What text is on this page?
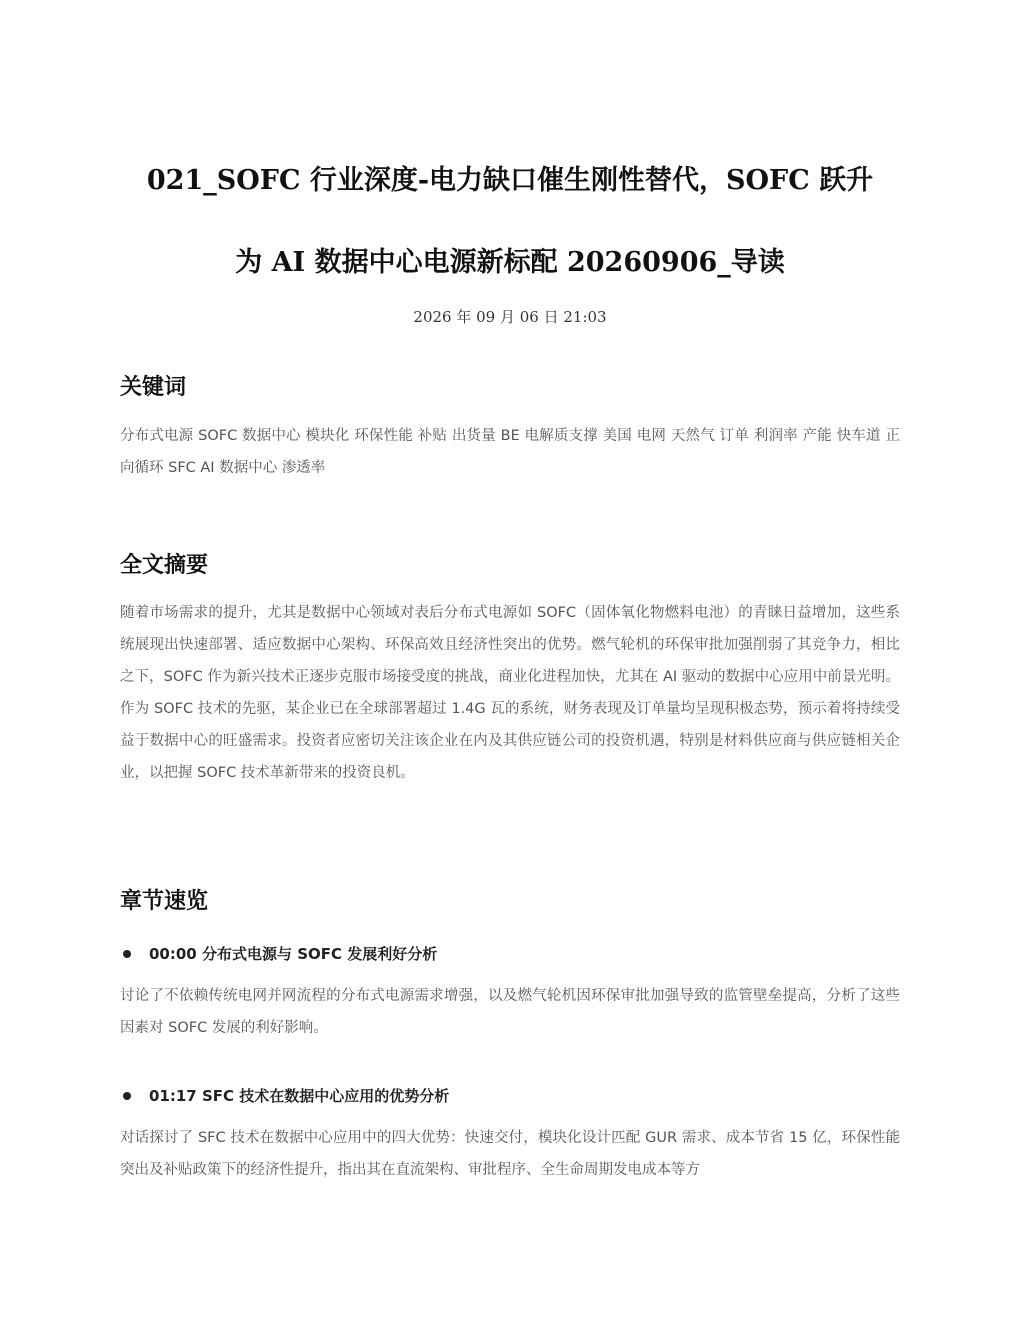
021_SOFC 行业深度-电力缺口催生刚性替代，SOFC 跃升
为 AI 数据中心电源新标配 20260906_导读
2026 年 09 月 06 日 21:03
关键词

分布式电源 SOFC 数据中心 模块化 环保性能 补贴 出货量 BE 电解质支撑 美国 电网 天然气 订单 利润率 产能 快车道 正向循环 SFC AI 数据中心 渗透率

全文摘要

随着市场需求的提升，尤其是数据中心领域对表后分布式电源如 SOFC（固体氧化物燃料电池）的青睐日益增加，这些系统展现出快速部署、适应数据中心架构、环保高效且经济性突出的优势。燃气轮机的环保审批加强削弱了其竞争力，相比之下，SOFC 作为新兴技术正逐步克服市场接受度的挑战，商业化进程加快，尤其在 AI 驱动的数据中心应用中前景光明。作为 SOFC 技术的先驱，某企业已在全球部署超过 1.4G 瓦的系统，财务表现及订单量均呈现积极态势，预示着将持续受益于数据中心的旺盛需求。投资者应密切关注该企业在内及其供应链公司的投资机遇，特别是材料供应商与供应链相关企业，以把握 SOFC 技术革新带来的投资良机。

章节速览
00:00 分布式电源与 SOFC 发展利好分析

讨论了不依赖传统电网并网流程的分布式电源需求增强，以及燃气轮机因环保审批加强导致的监管壁垒提高，分析了这些因素对 SOFC 发展的利好影响。

01:17 SFC 技术在数据中心应用的优势分析

对话探讨了 SFC 技术在数据中心应用中的四大优势：快速交付，模块化设计匹配 GUR 需求、成本节省 15 亿，环保性能突出及补贴政策下的经济性提升，指出其在直流架构、审批程序、全生命周期发电成本等方
